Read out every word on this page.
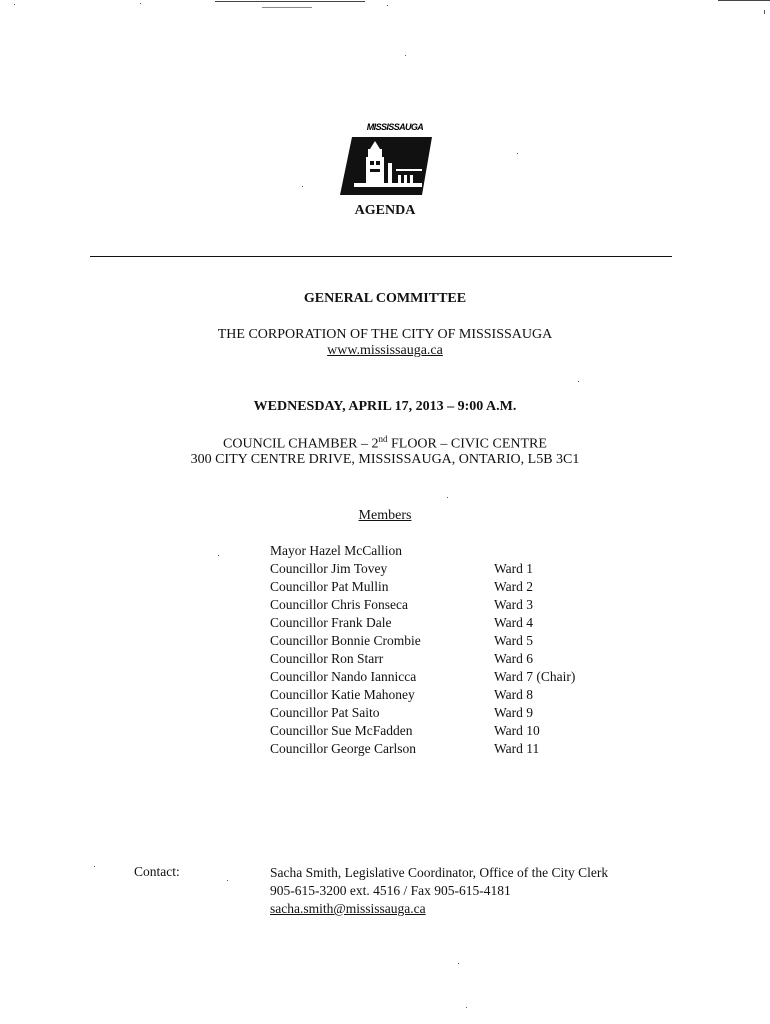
MISSISSAUGA
AGENDA
GENERAL COMMITTEE
THE CORPORATION OF THE CITY OF MISSISSAUGA
www.mississauga.ca
WEDNESDAY, APRIL 17, 2013 – 9:00 A.M.
COUNCIL CHAMBER – 2nd FLOOR – CIVIC CENTRE
300 CITY CENTRE DRIVE, MISSISSAUGA, ONTARIO, L5B 3C1
Members
Mayor Hazel McCallion
Councillor Jim Tovey	Ward 1
Councillor Pat Mullin	Ward 2
Councillor Chris Fonseca	Ward 3
Councillor Frank Dale	Ward 4
Councillor Bonnie Crombie	Ward 5
Councillor Ron Starr	Ward 6
Councillor Nando Iannicca	Ward 7 (Chair)
Councillor Katie Mahoney	Ward 8
Councillor Pat Saito	Ward 9
Councillor Sue McFadden	Ward 10
Councillor George Carlson	Ward 11
Contact:	Sacha Smith, Legislative Coordinator, Office of the City Clerk
905-615-3200 ext. 4516 / Fax 905-615-4181
sacha.smith@mississauga.ca
